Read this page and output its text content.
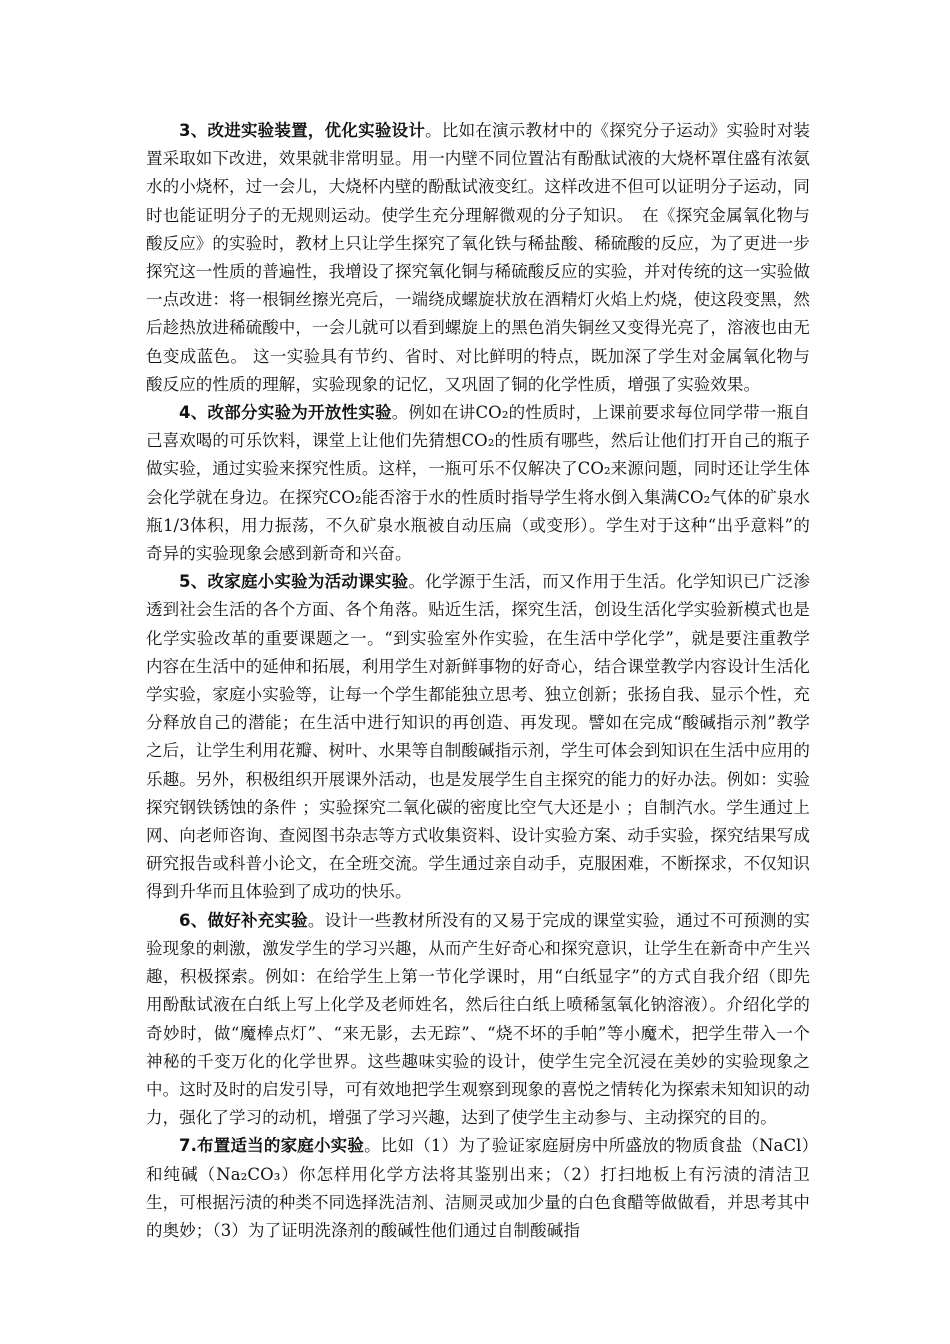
3、改进实验装置，优化实验设计。比如在演示教材中的《探究分子运动》实验时对装置采取如下改进，效果就非常明显。用一内壁不同位置沾有酚酞试液的大烧杯罩住盛有浓氨水的小烧杯，过一会儿，大烧杯内壁的酚酞试液变红。这样改进不但可以证明分子运动，同时也能证明分子的无规则运动。使学生充分理解微观的分子知识。　在《探究金属氧化物与酸反应》的实验时，教材上只让学生探究了氧化铁与稀盐酸、稀硫酸的反应，为了更进一步探究这一性质的普遍性，我增设了探究氧化铜与稀硫酸反应的实验，并对传统的这一实验做一点改进：将一根铜丝擦光亮后，一端绕成螺旋状放在酒精灯火焰上灼烧，使这段变黑，然后趁热放进稀硫酸中，一会儿就可以看到螺旋上的黑色消失铜丝又变得光亮了，溶液也由无色变成蓝色。 这一实验具有节约、省时、对比鲜明的特点，既加深了学生对金属氧化物与酸反应的性质的理解，实验现象的记忆，又巩固了铜的化学性质，增强了实验效果。

4、改部分实验为开放性实验。例如在讲CO₂的性质时，上课前要求每位同学带一瓶自己喜欢喝的可乐饮料，课堂上让他们先猜想CO₂的性质有哪些，然后让他们打开自己的瓶子做实验，通过实验来探究性质。这样，一瓶可乐不仅解决了CO₂来源问题，同时还让学生体会化学就在身边。在探究CO₂能否溶于水的性质时指导学生将水倒入集满CO₂气体的矿泉水瓶1/3体积，用力振荡，不久矿泉水瓶被自动压扁（或变形）。学生对于这种“出乎意料”的奇异的实验现象会感到新奇和兴奋。

5、改家庭小实验为活动课实验。化学源于生活，而又作用于生活。化学知识已广泛渗透到社会生活的各个方面、各个角落。贴近生活，探究生活，创设生活化学实验新模式也是化学实验改革的重要课题之一。“到实验室外作实验，在生活中学化学”，就是要注重教学内容在生活中的延伸和拓展，利用学生对新鲜事物的好奇心，结合课堂教学内容设计生活化学实验，家庭小实验等，让每一个学生都能独立思考、独立创新；张扬自我、显示个性，充分释放自己的潜能；在生活中进行知识的再创造、再发现。譬如在完成“酸碱指示剂”教学之后，让学生利用花瓣、树叶、水果等自制酸碱指示剂，学生可体会到知识在生活中应用的乐趣。另外，积极组织开展课外活动，也是发展学生自主探究的能力的好办法。例如：实验探究钢铁锈蚀的条件 ；实验探究二氧化碳的密度比空气大还是小 ；自制汽水。学生通过上网、向老师咨询、查阅图书杂志等方式收集资料、设计实验方案、动手实验，探究结果写成研究报告或科普小论文，在全班交流。学生通过亲自动手，克服困难，不断探求，不仅知识得到升华而且体验到了成功的快乐。

6、做好补充实验。设计一些教材所没有的又易于完成的课堂实验，通过不可预测的实验现象的刺激，激发学生的学习兴趣，从而产生好奇心和探究意识，让学生在新奇中产生兴趣，积极探索。例如：在给学生上第一节化学课时，用“白纸显字”的方式自我介绍（即先用酚酞试液在白纸上写上化学及老师姓名，然后往白纸上喷稀氢氧化钠溶液）。介绍化学的奇妙时，做“魔棒点灯”、“来无影，去无踪”、“烧不坏的手帕”等小魔术，把学生带入一个神秘的千变万化的化学世界。这些趣味实验的设计，使学生完全沉浸在美妙的实验现象之中。这时及时的启发引导，可有效地把学生观察到现象的喜悦之情转化为探索未知知识的动力，强化了学习的动机，增强了学习兴趣，达到了使学生主动参与、主动探究的目的。

7.布置适当的家庭小实验。比如（1）为了验证家庭厨房中所盛放的物质食盐（NaCl）和纯碱（Na₂CO₃）你怎样用化学方法将其鉴别出来；（2）打扫地板上有污渍的清洁卫生，可根据污渍的种类不同选择洗洁剂、洁厕灵或加少量的白色食醋等做做看，并思考其中的奥妙；（3）为了证明洗涤剂的酸碱性他们通过自制酸碱指
